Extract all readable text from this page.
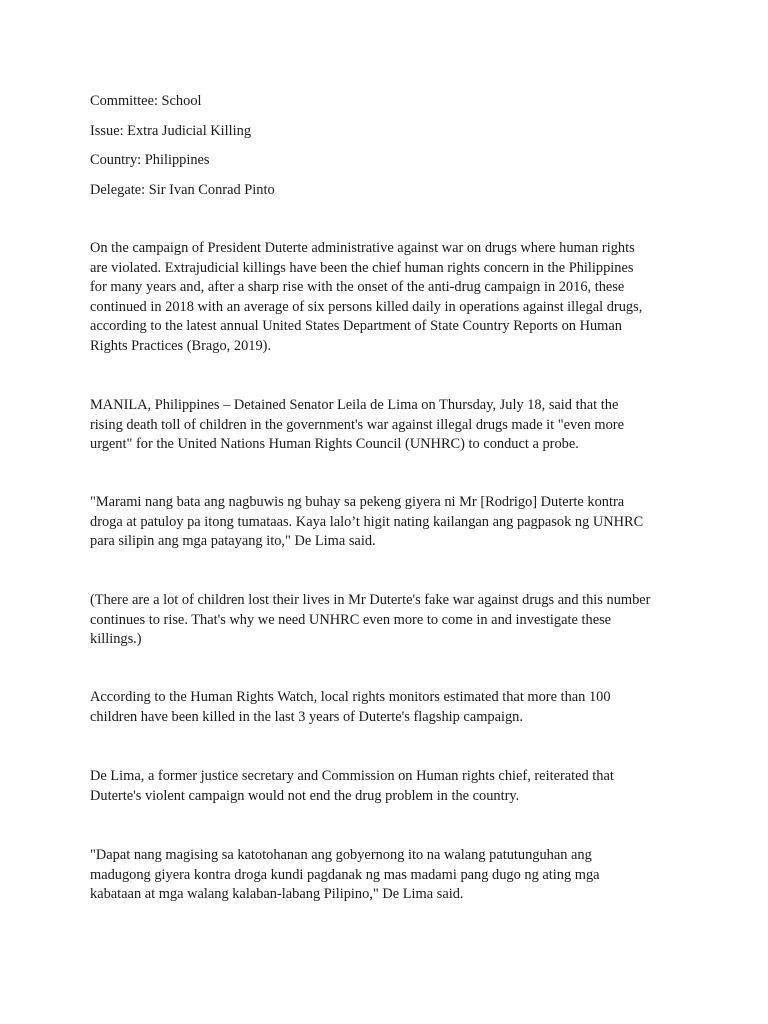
Committee: School
Issue: Extra Judicial Killing
Country: Philippines
Delegate: Sir Ivan Conrad Pinto
On the campaign of President Duterte administrative against war on drugs where human rights
are violated. Extrajudicial killings have been the chief human rights concern in the Philippines
for many years and, after a sharp rise with the onset of the anti-drug campaign in 2016, these
continued in 2018 with an average of six persons killed daily in operations against illegal drugs,
according to the latest annual United States Department of State Country Reports on Human
Rights Practices (Brago, 2019).
MANILA, Philippines – Detained Senator Leila de Lima on Thursday, July 18, said that the
rising death toll of children in the government's war against illegal drugs made it "even more
urgent" for the United Nations Human Rights Council (UNHRC) to conduct a probe.
"Marami nang bata ang nagbuwis ng buhay sa pekeng giyera ni Mr [Rodrigo] Duterte kontra
droga at patuloy pa itong tumataas. Kaya lalo’t higit nating kailangan ang pagpasok ng UNHRC
para silipin ang mga patayang ito," De Lima said.
(There are a lot of children lost their lives in Mr Duterte's fake war against drugs and this number
continues to rise. That's why we need UNHRC even more to come in and investigate these
killings.)
According to the Human Rights Watch, local rights monitors estimated that more than 100
children have been killed in the last 3 years of Duterte's flagship campaign.
De Lima, a former justice secretary and Commission on Human rights chief, reiterated that
Duterte's violent campaign would not end the drug problem in the country.
"Dapat nang magising sa katotohanan ang gobyernong ito na walang patutunguhan ang
madugong giyera kontra droga kundi pagdanak ng mas madami pang dugo ng ating mga
kabataan at mga walang kalaban-labang Pilipino," De Lima said.
